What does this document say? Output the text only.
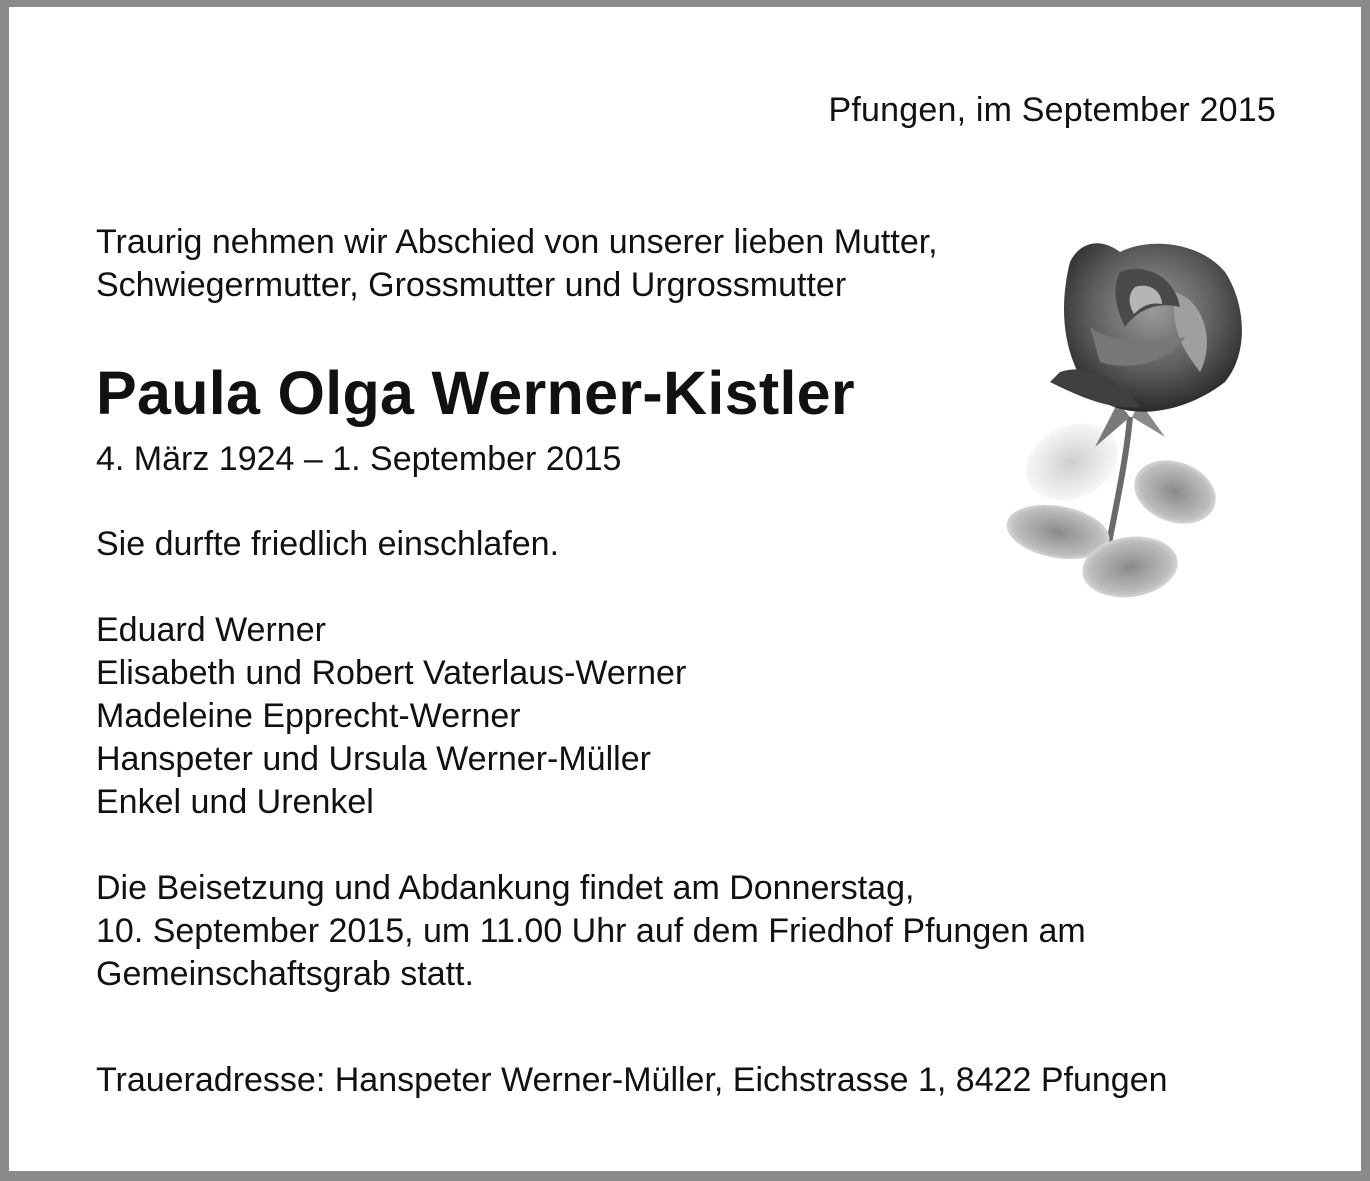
Pfungen, im September 2015
Traurig nehmen wir Abschied von unserer lieben Mutter,
Schwiegermutter, Grossmutter und Urgrossmutter
Paula Olga Werner-Kistler
4. März 1924 – 1. September 2015
Sie durfte friedlich einschlafen.
Eduard Werner
Elisabeth und Robert Vaterlaus-Werner
Madeleine Epprecht-Werner
Hanspeter und Ursula Werner-Müller
Enkel und Urenkel
Die Beisetzung und Abdankung findet am Donnerstag,
10. September 2015, um 11.00 Uhr auf dem Friedhof Pfungen am
Gemeinschaftsgrab statt.
Traueradresse: Hanspeter Werner-Müller, Eichstrasse 1, 8422 Pfungen
